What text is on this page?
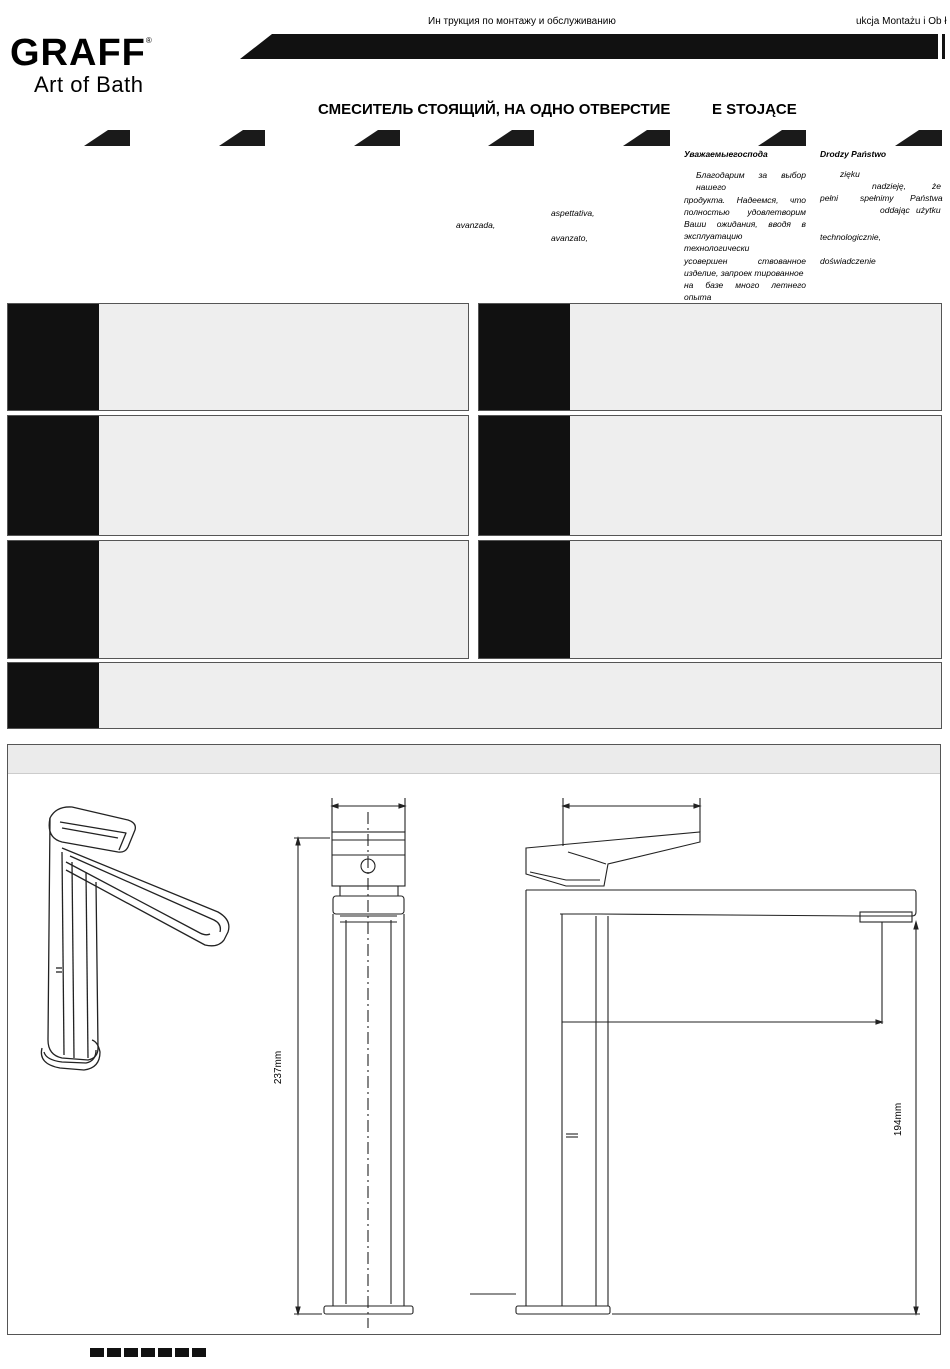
Ин трукция по монтажу и обслуживанию	ukcja Montażu i Ob ł
GRAFF®
Art of Bath
СМЕСИТЕЛЬ СТОЯЩИЙ, НА ОДНО ОТВЕРСТИЕ	E STOJĄCE
aspettativa,
avanzada,
avanzato,
Уважаемыегоспода
Благодарим за выбор нашего
продукта. Надеемся, что
полностью удовлетворим
Ваши ожидания, вводя в
эксплуатацию технологически
усовершен ствованное
изделие, запроек тированное
на базе много летнего опыта
Drodzy Państwo
zięku
nadzieję,	że
pełni	spełnimy Państwa
oddając użytku
technologicznie,
doświadczenie
237mm
194mm
